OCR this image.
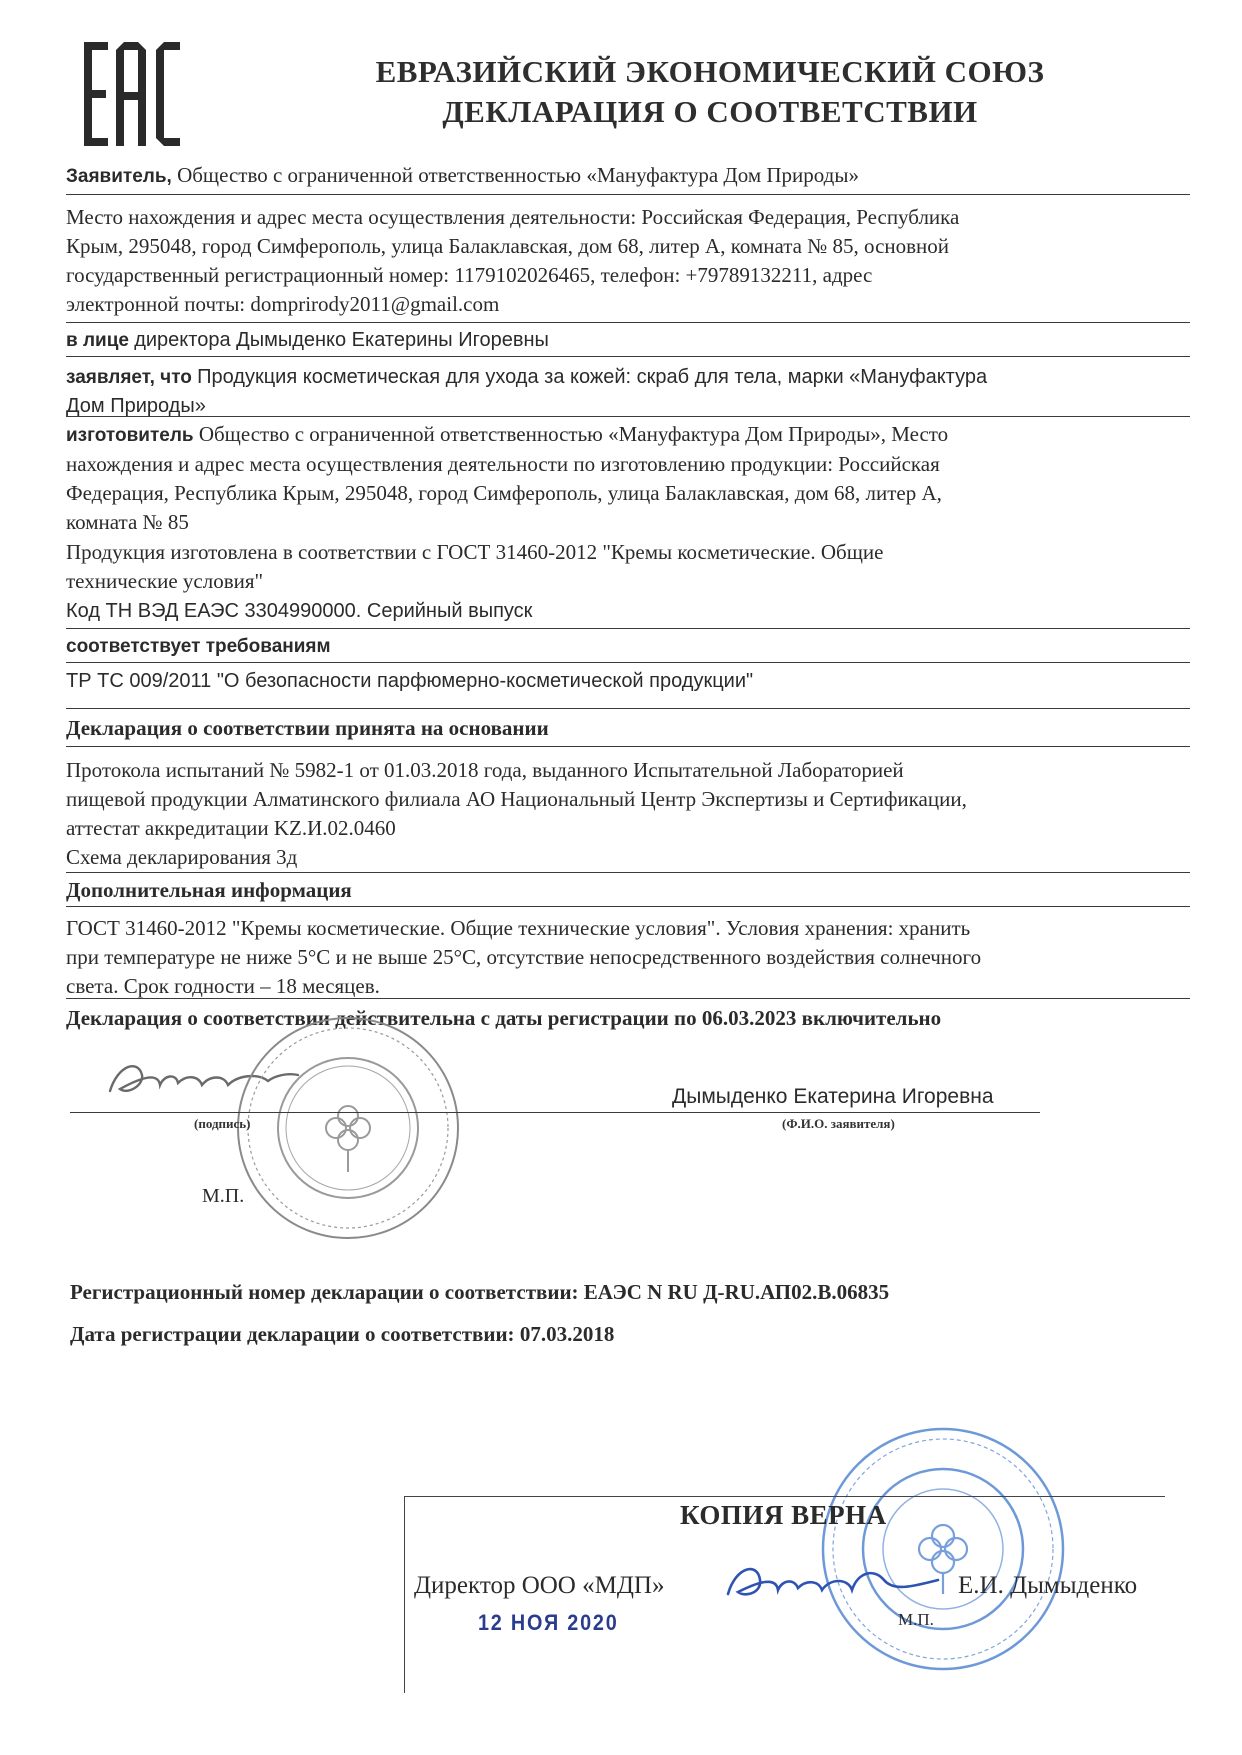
ЕВРАЗИЙСКИЙ ЭКОНОМИЧЕСКИЙ СОЮЗ
ДЕКЛАРАЦИЯ О СООТВЕТСТВИИ
Заявитель, Общество с ограниченной ответственностью «Мануфактура Дом Природы»
Место нахождения и адрес места осуществления деятельности: Российская Федерация, Республика
Крым, 295048, город Симферополь, улица Балаклавская, дом 68, литер А, комната № 85, основной
государственный регистрационный номер: 1179102026465, телефон: +79789132211, адрес
электронной почты: domprirody2011@gmail.com
в лице директора Дымыденко Екатерины Игоревны
заявляет, что Продукция косметическая для ухода за кожей: скраб для тела, марки «Мануфактура
Дом Природы»
изготовитель Общество с ограниченной ответственностью «Мануфактура Дом Природы», Место
нахождения и адрес места осуществления деятельности по изготовлению продукции: Российская
Федерация, Республика Крым, 295048, город Симферополь, улица Балаклавская, дом 68, литер А,
комната № 85
Продукция изготовлена в соответствии с ГОСТ 31460-2012 "Кремы косметические. Общие
технические условия"
Код ТН ВЭД ЕАЭС 3304990000. Серийный выпуск
соответствует требованиям
ТР ТС 009/2011 "О безопасности парфюмерно-косметической продукции"
Декларация о соответствии принята на основании
Протокола испытаний № 5982-1 от 01.03.2018 года, выданного Испытательной Лабораторией
пищевой продукции Алматинского филиала АО Национальный Центр Экспертизы и Сертификации,
аттестат аккредитации KZ.И.02.0460
Схема декларирования 3д
Дополнительная информация
ГОСТ 31460-2012 "Кремы косметические. Общие технические условия". Условия хранения: хранить
при температуре не ниже 5°С и не выше 25°С, отсутствие непосредственного воздействия солнечного
света. Срок годности – 18 месяцев.
Декларация о соответствии действительна с даты регистрации по 06.03.2023 включительно
Дымыденко Екатерина Игоревна
(подпись)	(Ф.И.О. заявителя)
М.П.
Регистрационный номер декларации о соответствии: ЕАЭС N RU Д-RU.АП02.В.06835
Дата регистрации декларации о соответствии: 07.03.2018
КОПИЯ ВЕРНА
Директор ООО «МДП»	Е.И. Дымыденко
12 НОЯ 2020	М.П.
